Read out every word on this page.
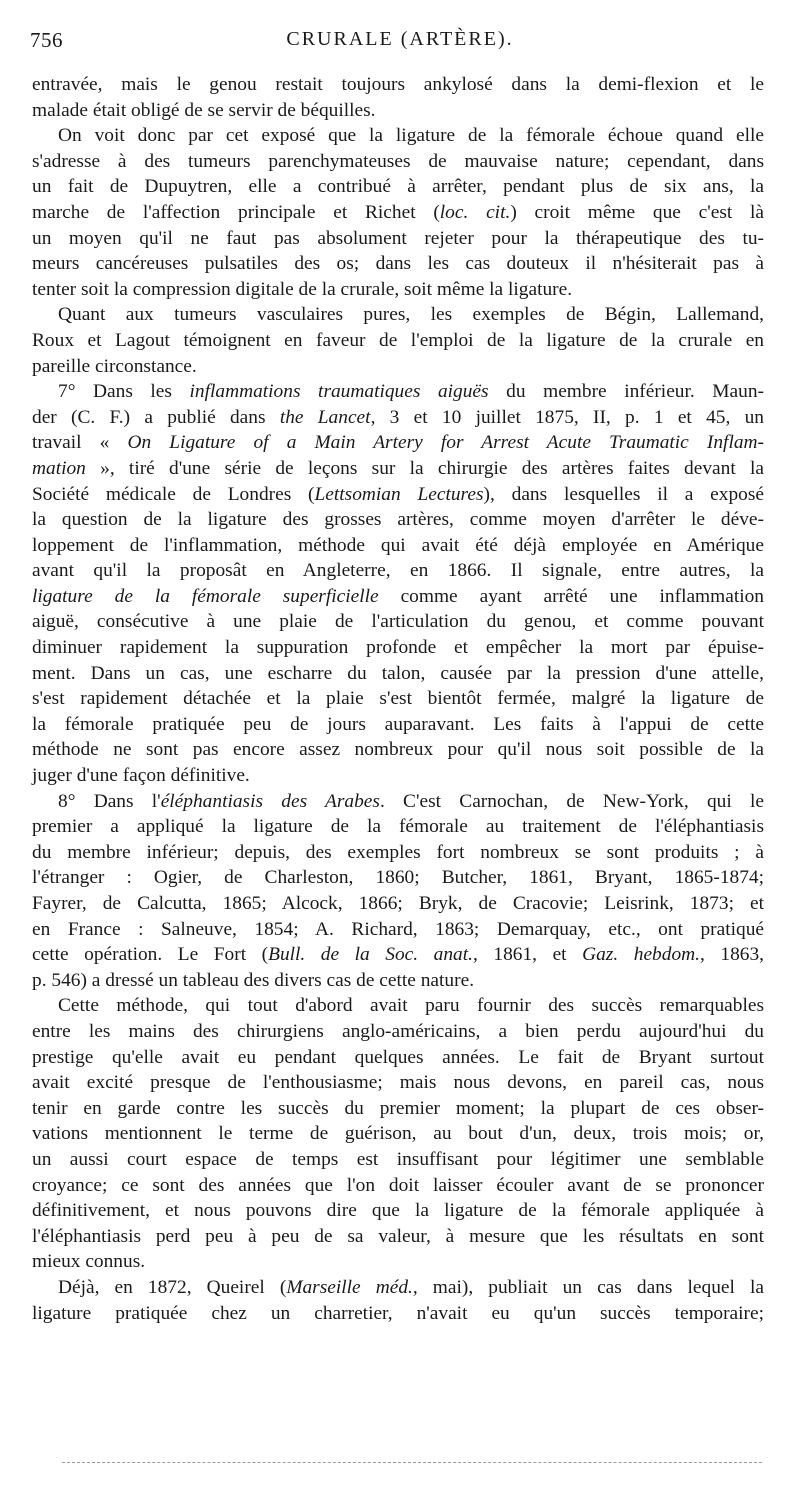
756	CRURALE (ARTÈRE).
entravée, mais le genou restait toujours ankylosé dans la demi-flexion et le
malade était obligé de se servir de béquilles.
On voit donc par cet exposé que la ligature de la fémorale échoue quand elle
s'adresse à des tumeurs parenchymateuses de mauvaise nature; cependant, dans
un fait de Dupuytren, elle a contribué à arrêter, pendant plus de six ans, la
marche de l'affection principale et Richet (loc. cit.) croit même que c'est là
un moyen qu'il ne faut pas absolument rejeter pour la thérapeutique des tu-
meurs cancéreuses pulsatiles des os; dans les cas douteux il n'hésiterait pas à
tenter soit la compression digitale de la crurale, soit même la ligature.
Quant aux tumeurs vasculaires pures, les exemples de Bégin, Lallemand,
Roux et Lagout témoignent en faveur de l'emploi de la ligature de la crurale en
pareille circonstance.
7° Dans les inflammations traumatiques aiguës du membre inférieur. Maun-
der (C. F.) a publié dans the Lancet, 3 et 10 juillet 1875, II, p. 1 et 45, un
travail « On Ligature of a Main Artery for Arrest Acute Traumatic Inflam-
mation », tiré d'une série de leçons sur la chirurgie des artères faites devant la
Société médicale de Londres (Lettsomian Lectures), dans lesquelles il a exposé
la question de la ligature des grosses artères, comme moyen d'arrêter le déve-
loppement de l'inflammation, méthode qui avait été déjà employée en Amérique
avant qu'il la proposât en Angleterre, en 1866. Il signale, entre autres, la
ligature de la fémorale superficielle comme ayant arrêté une inflammation
aiguë, consécutive à une plaie de l'articulation du genou, et comme pouvant
diminuer rapidement la suppuration profonde et empêcher la mort par épuise-
ment. Dans un cas, une escharre du talon, causée par la pression d'une attelle,
s'est rapidement détachée et la plaie s'est bientôt fermée, malgré la ligature de
la fémorale pratiquée peu de jours auparavant. Les faits à l'appui de cette
méthode ne sont pas encore assez nombreux pour qu'il nous soit possible de la
juger d'une façon définitive.
8° Dans l'éléphantiasis des Arabes. C'est Carnochan, de New-York, qui le
premier a appliqué la ligature de la fémorale au traitement de l'éléphantiasis
du membre inférieur; depuis, des exemples fort nombreux se sont produits ; à
l'étranger : Ogier, de Charleston, 1860; Butcher, 1861, Bryant, 1865-1874;
Fayrer, de Calcutta, 1865; Alcock, 1866; Bryk, de Cracovie; Leisrink, 1873; et
en France : Salneuve, 1854; A. Richard, 1863; Demarquay, etc., ont pratiqué
cette opération. Le Fort (Bull. de la Soc. anat., 1861, et Gaz. hebdom., 1863,
p. 546) a dressé un tableau des divers cas de cette nature.
Cette méthode, qui tout d'abord avait paru fournir des succès remarquables
entre les mains des chirurgiens anglo-américains, a bien perdu aujourd'hui du
prestige qu'elle avait eu pendant quelques années. Le fait de Bryant surtout
avait excité presque de l'enthousiasme; mais nous devons, en pareil cas, nous
tenir en garde contre les succès du premier moment; la plupart de ces obser-
vations mentionnent le terme de guérison, au bout d'un, deux, trois mois; or,
un aussi court espace de temps est insuffisant pour légitimer une semblable
croyance; ce sont des années que l'on doit laisser écouler avant de se prononcer
définitivement, et nous pouvons dire que la ligature de la fémorale appliquée à
l'éléphantiasis perd peu à peu de sa valeur, à mesure que les résultats en sont
mieux connus.
Déjà, en 1872, Queirel (Marseille méd., mai), publiait un cas dans lequel la
ligature pratiquée chez un charretier, n'avait eu qu'un succès temporaire;
